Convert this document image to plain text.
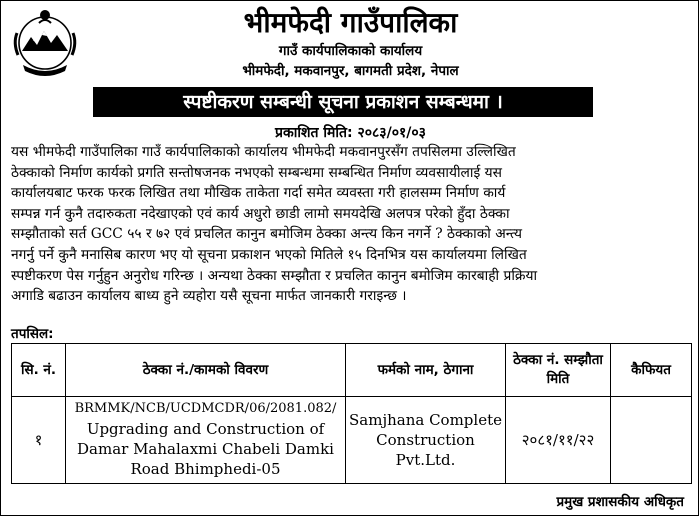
भीमफेदी गाउँपालिका
गाउँ कार्यपालिकाको कार्यालय
भीमफेदी, मकवानपुर, बागमती प्रदेश, नेपाल
स्पष्टीकरण सम्बन्धी सूचना प्रकाशन सम्बन्धमा ।
प्रकाशित मिति: २०८३/०१/०३
यस भीमफेदी गाउँपालिका गाउँ कार्यपालिकाको कार्यालय भीमफेदी मकवानपुरसँग तपसिलमा उल्लिखित
ठेक्काको निर्माण कार्यको प्रगति सन्तोषजनक नभएको सम्बन्धमा सम्बन्धित निर्माण व्यवसायीलाई यस
कार्यालयबाट फरक फरक लिखित तथा मौखिक ताकेता गर्दा समेत व्यवस्ता गरी हालसम्म निर्माण कार्य
सम्पन्न गर्न कुनै तदारुकता नदेखाएको एवं कार्य अधुरो छाडी लामो समयदेखि अलपत्र परेको हुँदा ठेक्का
सम्झौताको सर्त GCC ५५ र ७२ एवं प्रचलित कानुन बमोजिम ठेक्का अन्त्य किन नगर्ने ? ठेक्काको अन्त्य
नगर्नु पर्ने कुनै मनासिब कारण भए यो सूचना प्रकाशन भएको मितिले १५ दिनभित्र यस कार्यालयमा लिखित
स्पष्टीकरण पेस गर्नुहुन अनुरोध गरिन्छ । अन्यथा ठेक्का सम्झौता र प्रचलित कानुन बमोजिम कारबाही प्रक्रिया
अगाडि बढाउन कार्यालय बाध्य हुने व्यहोरा यसै सूचना मार्फत जानकारी गराइन्छ ।
तपसिल:
सि. नं.	ठेक्का नं./कामको विवरण	फर्मको नाम, ठेगाना	ठेक्का नं. सम्झौता मिति	कैफियत
१	BRMMK/NCB/UCDMCDR/06/2081.082/
Upgrading and Construction of Damar Mahalaxmi Chabeli Damki Road Bhimphedi-05	Samjhana Complete Construction Pvt.Ltd.	२०८१/११/२२	
प्रमुख प्रशासकीय अधिकृत
